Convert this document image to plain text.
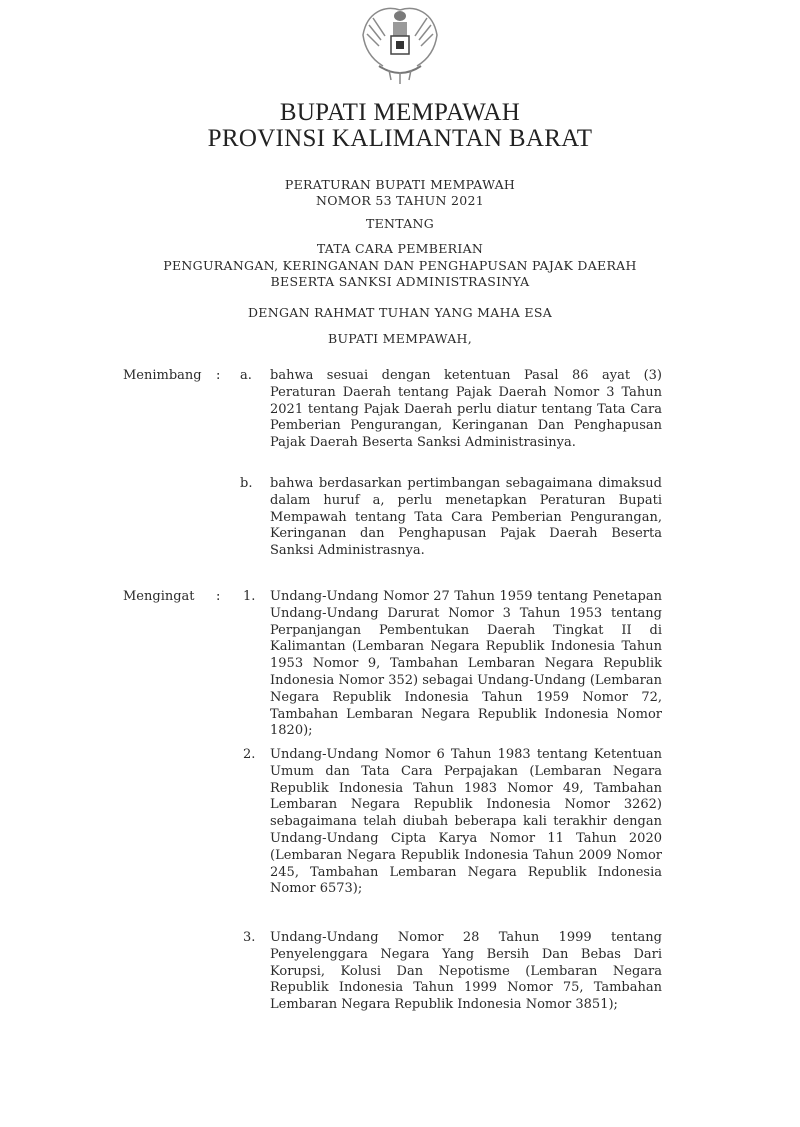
BUPATI MEMPAWAH
PROVINSI KALIMANTAN BARAT
PERATURAN BUPATI MEMPAWAH
NOMOR 53 TAHUN 2021
TENTANG
TATA CARA PEMBERIAN
PENGURANGAN, KERINGANAN DAN PENGHAPUSAN PAJAK DAERAH
BESERTA SANKSI ADMINISTRASINYA
DENGAN RAHMAT TUHAN YANG MAHA ESA
BUPATI MEMPAWAH,
Menimbang : a. bahwa sesuai dengan ketentuan Pasal 86 ayat (3) Peraturan Daerah tentang Pajak Daerah Nomor 3 Tahun 2021 tentang Pajak Daerah perlu diatur tentang Tata Cara Pemberian Pengurangan, Keringanan Dan Penghapusan Pajak Daerah Beserta Sanksi Administrasinya.
b. bahwa berdasarkan pertimbangan sebagaimana dimaksud dalam huruf a, perlu menetapkan Peraturan Bupati Mempawah tentang Tata Cara Pemberian Pengurangan, Keringanan dan Penghapusan Pajak Daerah Beserta Sanksi Administrasnya.
Mengingat : 1. Undang-Undang Nomor 27 Tahun 1959 tentang Penetapan Undang-Undang Darurat Nomor 3 Tahun 1953 tentang Perpanjangan Pembentukan Daerah Tingkat II di Kalimantan (Lembaran Negara Republik Indonesia Tahun 1953 Nomor 9, Tambahan Lembaran Negara Republik Indonesia Nomor 352) sebagai Undang-Undang (Lembaran Negara Republik Indonesia Tahun 1959 Nomor 72, Tambahan Lembaran Negara Republik Indonesia Nomor 1820);
2. Undang-Undang Nomor 6 Tahun 1983 tentang Ketentuan Umum dan Tata Cara Perpajakan (Lembaran Negara Republik Indonesia Tahun 1983 Nomor 49, Tambahan Lembaran Negara Republik Indonesia Nomor 3262) sebagaimana telah diubah beberapa kali terakhir dengan Undang-Undang Cipta Karya Nomor 11 Tahun 2020 (Lembaran Negara Republik Indonesia Tahun 2009 Nomor 245, Tambahan Lembaran Negara Republik Indonesia Nomor 6573);
3. Undang-Undang Nomor 28 Tahun 1999 tentang Penyelenggara Negara Yang Bersih Dan Bebas Dari Korupsi, Kolusi Dan Nepotisme (Lembaran Negara Republik Indonesia Tahun 1999 Nomor 75, Tambahan Lembaran Negara Republik Indonesia Nomor 3851);
